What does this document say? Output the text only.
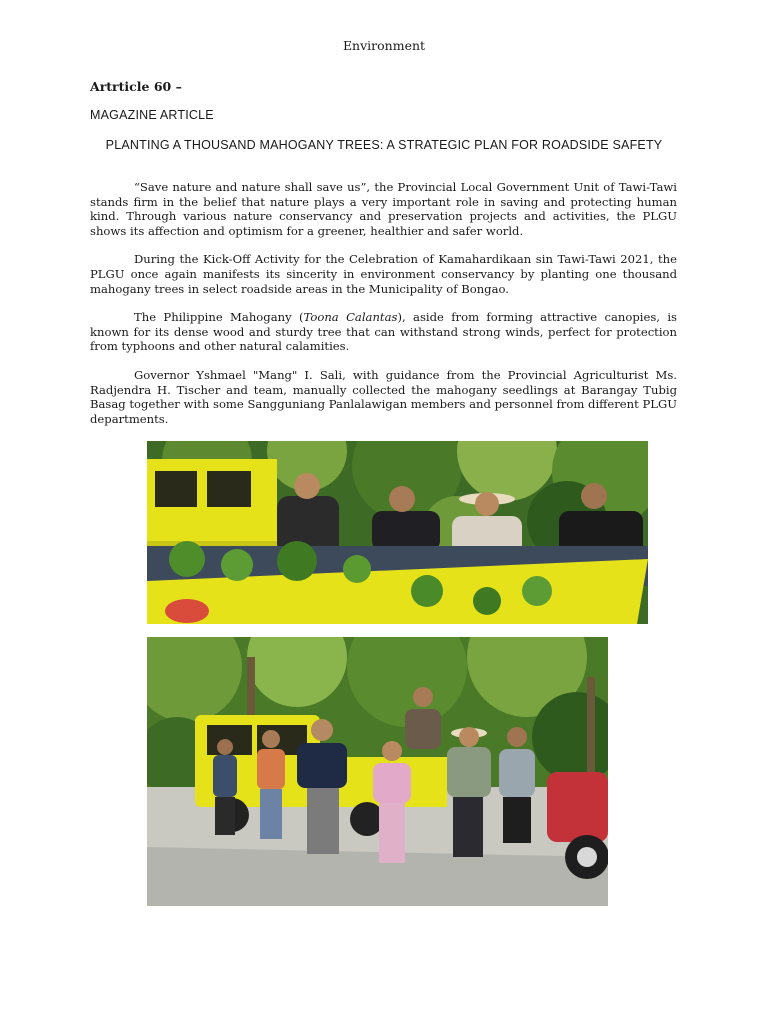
Environment
Artrticle 60 –
MAGAZINE ARTICLE
PLANTING A THOUSAND MAHOGANY TREES: A STRATEGIC PLAN FOR ROADSIDE SAFETY

“Save nature and nature shall save us”, the Provincial Local Government Unit of Tawi-Tawi stands firm in the belief that nature plays a very important role in saving and protecting human kind. Through various nature conservancy and preservation projects and activities, the PLGU shows its affection and optimism for a greener, healthier and safer world.

During the Kick-Off Activity for the Celebration of Kamahardikaan sin Tawi-Tawi 2021, the PLGU once again manifests its sincerity in environment conservancy by planting one thousand mahogany trees in select roadside areas in the Municipality of Bongao.

The Philippine Mahogany (Toona Calantas), aside from forming attractive canopies, is known for its dense wood and sturdy tree that can withstand strong winds, perfect for protection from typhoons and other natural calamities.

Governor Yshmael "Mang" I. Sali, with guidance from the Provincial Agriculturist Ms. Radjendra H. Tischer and team, manually collected the mahogany seedlings at Barangay Tubig Basag together with some Sangguniang Panlalawigan members and personnel from different PLGU departments.
